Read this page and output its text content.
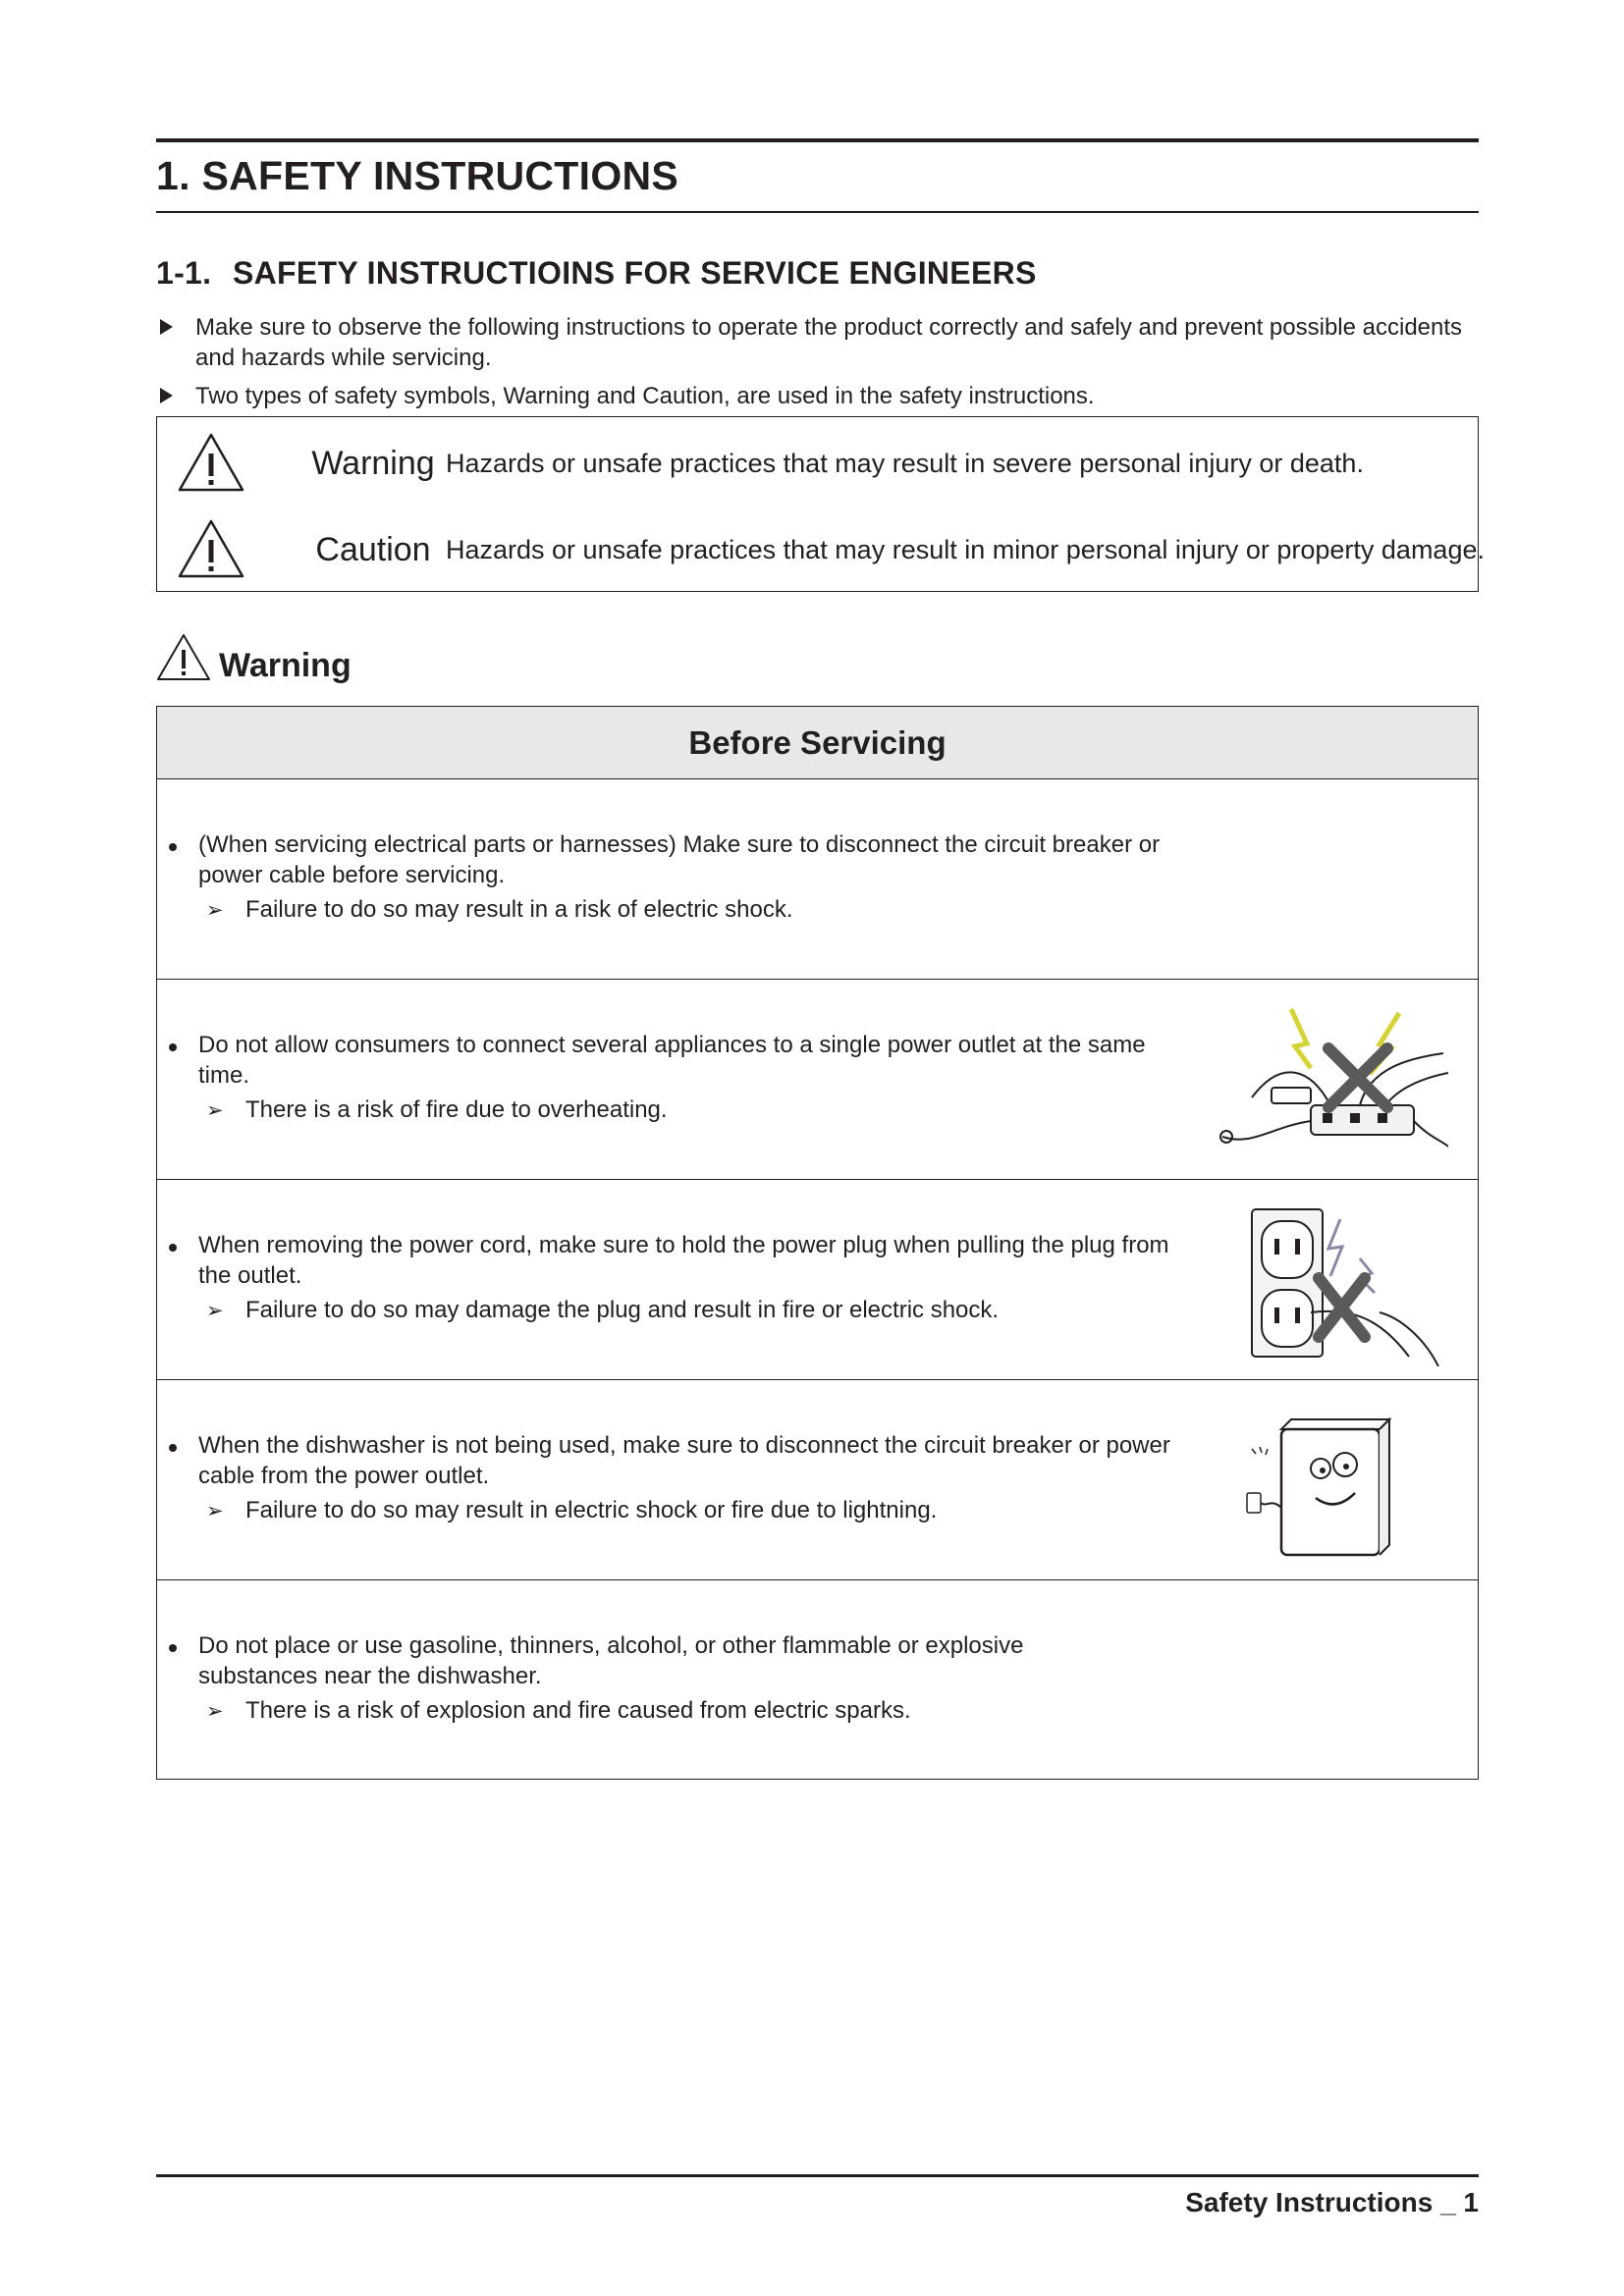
1. SAFETY INSTRUCTIONS
1-1. SAFETY INSTRUCTIOINS FOR SERVICE ENGINEERS
Make sure to observe the following instructions to operate the product correctly and safely and prevent possible accidents and hazards while servicing.
Two types of safety symbols, Warning and Caution, are used in the safety instructions.
Warning Hazards or unsafe practices that may result in severe personal injury or death.
Caution Hazards or unsafe practices that may result in minor personal injury or property damage.
Warning
Before Servicing
(When servicing electrical parts or harnesses) Make sure to disconnect the circuit breaker or power cable before servicing.
➢ Failure to do so may result in a risk of electric shock.
Do not allow consumers to connect several appliances to a single power outlet at the same time.
➢ There is a risk of fire due to overheating.
When removing the power cord, make sure to hold the power plug when pulling the plug from the outlet.
➢ Failure to do so may damage the plug and result in fire or electric shock.
When the dishwasher is not being used, make sure to disconnect the circuit breaker or power cable from the power outlet.
➢ Failure to do so may result in electric shock or fire due to lightning.
Do not place or use gasoline, thinners, alcohol, or other flammable or explosive substances near the dishwasher.
➢ There is a risk of explosion and fire caused from electric sparks.
Safety Instructions _ 1
